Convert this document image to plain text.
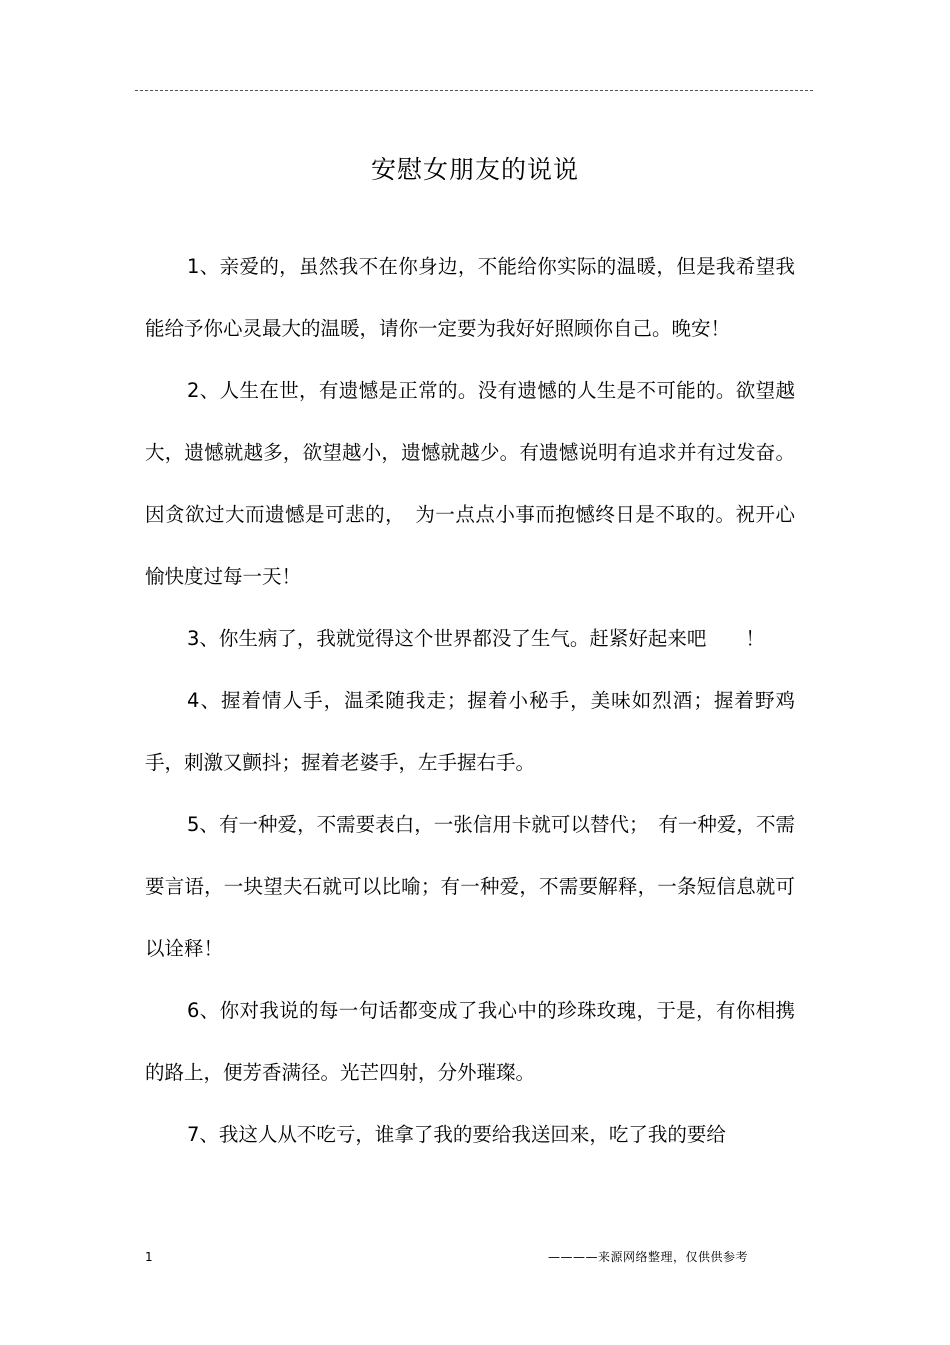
安慰女朋友的说说

1、亲爱的，虽然我不在你身边，不能给你实际的温暖，但是我希望我能给予你心灵最大的温暖，请你一定要为我好好照顾你自己。晚安！

2、人生在世，有遗憾是正常的。没有遗憾的人生是不可能的。欲望越大，遗憾就越多，欲望越小，遗憾就越少。有遗憾说明有追求并有过发奋。因贪欲过大而遗憾是可悲的，　为一点点小事而抱憾终日是不取的。祝开心愉快度过每一天！

3、你生病了，我就觉得这个世界都没了生气。赶紧好起来吧　　！

4、握着情人手，温柔随我走；握着小秘手，美味如烈酒；握着野鸡手，刺激又颤抖；握着老婆手，左手握右手。

5、有一种爱，不需要表白，一张信用卡就可以替代；　有一种爱，不需要言语，一块望夫石就可以比喻；有一种爱，不需要解释，一条短信息就可以诠释！

6、你对我说的每一句话都变成了我心中的珍珠玫瑰，于是，有你相携的路上，便芳香满径。光芒四射，分外璀璨。

7、我这人从不吃亏，谁拿了我的要给我送回来，吃了我的要给

1	————来源网络整理，仅供供参考
